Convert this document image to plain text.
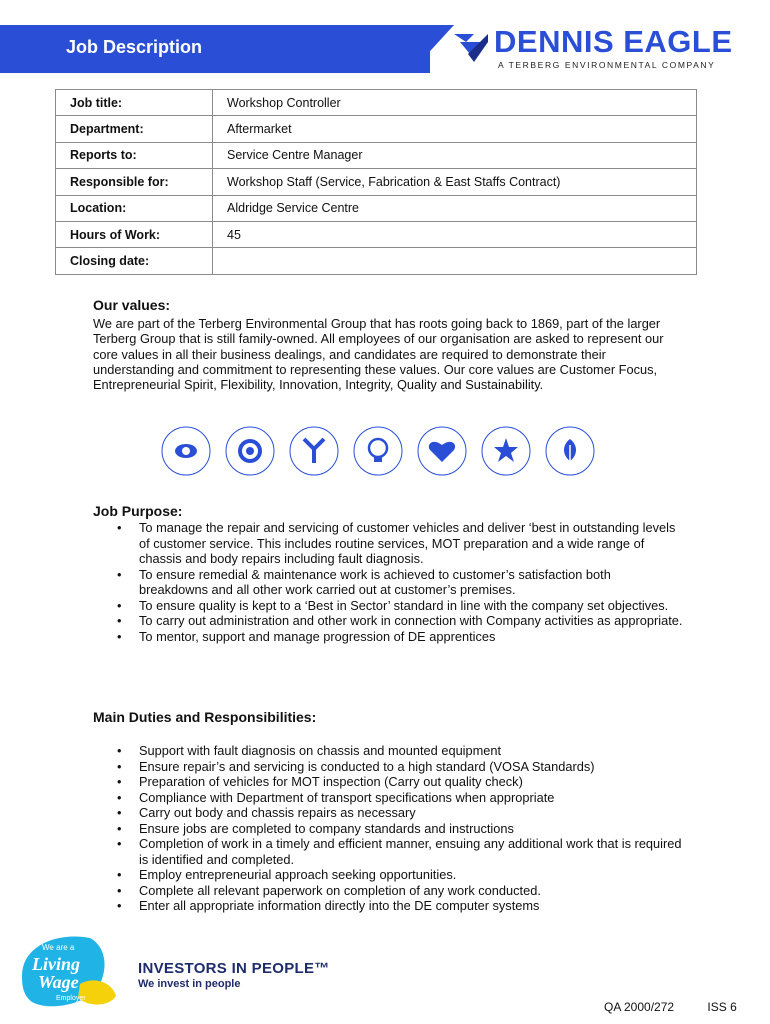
Job Description	DENNIS EAGLE
A TERBERG ENVIRONMENTAL COMPANY
Job title:	Workshop Controller
Department:	Aftermarket
Reports to:	Service Centre Manager
Responsible for:	Workshop Staff (Service, Fabrication & East Staffs Contract)
Location:	Aldridge Service Centre
Hours of Work:	45
Closing date:	
Our values:
We are part of the Terberg Environmental Group that has roots going back to 1869, part of the larger Terberg Group that is still family-owned. All employees of our organisation are asked to represent our core values in all their business dealings, and candidates are required to demonstrate their understanding and commitment to representing these values. Our core values are Customer Focus, Entrepreneurial Spirit, Flexibility, Innovation, Integrity, Quality and Sustainability.
Job Purpose:
• To manage the repair and servicing of customer vehicles and deliver ‘best in outstanding levels of customer service. This includes routine services, MOT preparation and a wide range of chassis and body repairs including fault diagnosis.
• To ensure remedial & maintenance work is achieved to customer’s satisfaction both breakdowns and all other work carried out at customer’s premises.
• To ensure quality is kept to a ‘Best in Sector’ standard in line with the company set objectives.
• To carry out administration and other work in connection with Company activities as appropriate.
• To mentor, support and manage progression of DE apprentices
Main Duties and Responsibilities:
• Support with fault diagnosis on chassis and mounted equipment
• Ensure repair’s and servicing is conducted to a high standard (VOSA Standards)
• Preparation of vehicles for MOT inspection (Carry out quality check)
• Compliance with Department of transport specifications when appropriate
• Carry out body and chassis repairs as necessary
• Ensure jobs are completed to company standards and instructions
• Completion of work in a timely and efficient manner, ensuing any additional work that is required is identified and completed.
• Employ entrepreneurial approach seeking opportunities.
• Complete all relevant paperwork on completion of any work conducted.
• Enter all appropriate information directly into the DE computer systems
We are a
Living
Wage
Employer
INVESTORS IN PEOPLE™
We invest in people
QA 2000/272	ISS 6
